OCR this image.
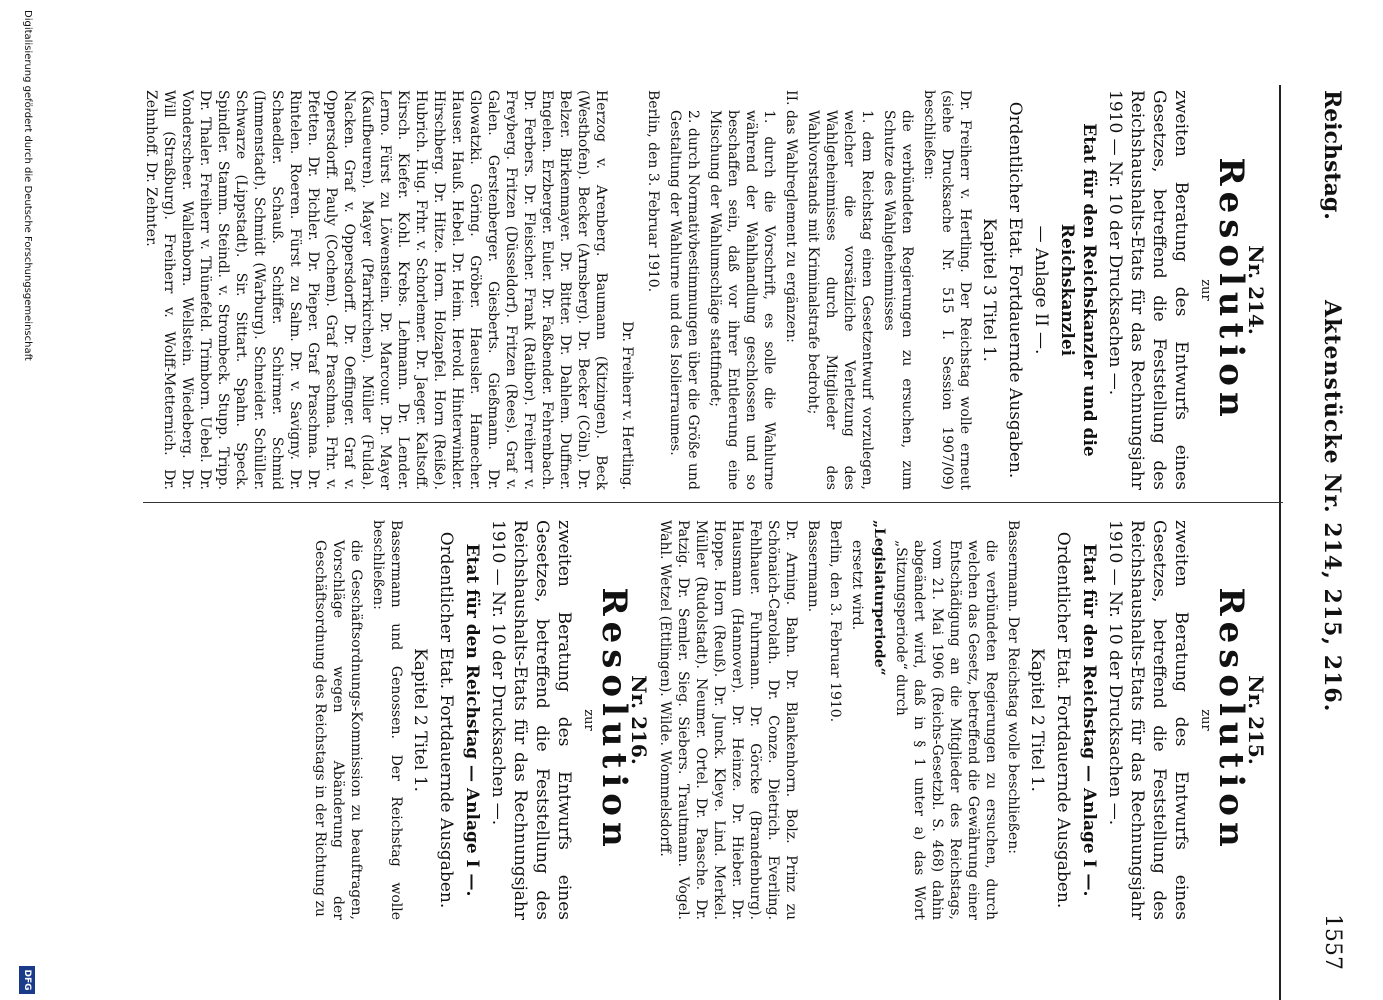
Reichstag.
Aktenstücke Nr. 214, 215, 216.
1557
Nr. 214.
Resolution
zur

zweiten Beratung des Entwurfs eines Gesetzes, betreffend die Feststellung des Reichshaushalts-Etats für das Rechnungsjahr 1910 — Nr. 10 der Drucksachen —.

Etat für den Reichskanzler und die Reichskanzlei

— Anlage II —.

Ordentlicher Etat. Fortdauernde Ausgaben.

Kapitel 3 Titel 1.

Dr. Freiherr v. Hertling. Der Reichstag wolle erneut (siehe Drucksache Nr. 515 I. Session 1907/09) beschließen:

die verbündeten Regierungen zu ersuchen, zum Schutze des Wahlgeheimnisses

1. dem Reichstag einen Gesetzentwurf vorzulegen, welcher die vorsätzliche Verletzung des Wahlgeheimnisses durch Mitglieder des Wahlvorstands mit Kriminalstrafe bedroht;

II. das Wahlreglement zu ergänzen:

1. durch die Vorschrift, es solle die Wahlurne während der Wahlhandlung geschlossen und so beschaffen sein, daß vor ihrer Entleerung eine Mischung der Wahlumschläge stattfindet;

2. durch Normativbestimmungen über die Größe und Gestaltung der Wahlurne und des Isolierraumes.

Berlin, den 3. Februar 1910.

Dr. Freiherr v. Hertling.

Herzog v. Arenberg. Baumann (Kitzingen). Beck (Westhofen). Becker (Arnsberg). Dr. Becker (Cöln). Dr. Belzer. Birkenmayer. Dr. Bitter. Dr. Dahlem. Duffner. Engelen. Erzberger. Euler. Dr. Faßbender. Fehrenbach. Dr. Ferbers. Dr. Fleischer. Frank (Ratibor). Freiherr v. Freyberg. Fritzen (Düsseldorf). Fritzen (Rees). Graf v. Galen. Gerstenberger. Giesberts. Gießmann. Dr. Glowatzki. Göring. Gröber. Haeusler. Hamecher. Hauser. Hauß. Hebel. Dr. Heim. Herold. Hinterwinkler. Hirschberg. Dr. Hitze. Horn. Holzapfel. Horn (Reiße). Hubrich. Hug. Frhr. v. Schorlemer. Dr. Jaeger. Kaltsoff. Kirsch. Kiefer. Kohl. Krebs. Lehmann. Dr. Lender. Lerno. Fürst zu Löwenstein. Dr. Marcour. Dr. Mayer (Kaufbeuren). Mayer (Pfarrkirchen). Müller (Fulda). Nacken. Graf v. Oppersdorff. Dr. Oeffinger. Graf v. Oppersdorff. Pauly (Cochem). Graf Praschma. Frhr. v. Pfetten. Dr. Pichler. Dr. Pieper. Graf Praschma. Dr. Rintelen. Roeren. Fürst zu Salm. Dr. v. Savigny. Dr. Schaedler. Schauß. Schiffer. Schirmer. Schmid (Immenstadt). Schmidt (Warburg). Schneider. Schüller. Schwarze (Lippstadt). Sir. Sittart. Spahn. Speck. Spindler. Stamm. Steindl. v. Strombeck. Stupp. Tripp. Dr. Thaler. Freiherr v. Thünefeld. Trimborn. Uebel. Dr. Vonderscheer. Wallenborn. Wellstein. Wiedeberg. Dr. Will (Straßburg). Freiherr v. Wolff-Metternich. Dr. Zehnhoff. Dr. Zehnter.

Nr. 215.
Resolution
zur

zweiten Beratung des Entwurfs eines Gesetzes, betreffend die Feststellung des Reichshaushalts-Etats für das Rechnungsjahr 1910 — Nr. 10 der Drucksachen —.

Etat für den Reichstag — Anlage I —.

Ordentlicher Etat. Fortdauernde Ausgaben.

Kapitel 2 Titel 1.

Bassermann. Der Reichstag wolle beschließen:

die verbündeten Regierungen zu ersuchen, durch welchen das Gesetz, betreffend die Gewährung einer Entschädigung an die Mitglieder des Reichstags, vom 21. Mai 1906 (Reichs-Gesetzbl. S. 468) dahin abgeändert wird, daß in § 1 unter a) das Wort „Sitzungsperiode“ durch

„Legislaturperiode“

ersetzt wird.

Berlin, den 3. Februar 1910.

Bassermann.

Dr. Arning. Bahn. Dr. Blankenhorn. Bolz. Prinz zu Schönaich-Carolath. Dr. Conze. Dietrich. Everling. Fehlhauer. Fuhrmann. Dr. Görcke (Brandenburg). Hausmann (Hannover). Dr. Heinze. Dr. Hieber. Dr. Hoppe. Horn (Reuß). Dr. Junck. Kleye. Lind. Merkel. Müller (Rudolstadt). Neumer. Ortel. Dr. Paasche. Dr. Patzig. Dr. Semler. Sieg. Siebers. Trautmann. Vogel. Wahl. Wetzel (Ettlingen). Wilde. Wommelsdorff.

Nr. 216.
Resolution
zur

zweiten Beratung des Entwurfs eines Gesetzes, betreffend die Feststellung des Reichshaushalts-Etats für das Rechnungsjahr 1910 — Nr. 10 der Drucksachen —.

Etat für den Reichstag — Anlage I —.

Ordentlicher Etat. Fortdauernde Ausgaben.

Kapitel 2 Titel 1.

Bassermann und Genossen. Der Reichstag wolle beschließen:

die Geschäftsordnungs-Kommission zu beauftragen, Vorschläge wegen Abänderung der Geschäftsordnung des Reichstags in der Richtung zu

Digitalisierung gefördert durch die Deutsche Forschungsgemeinschaft
DFG
